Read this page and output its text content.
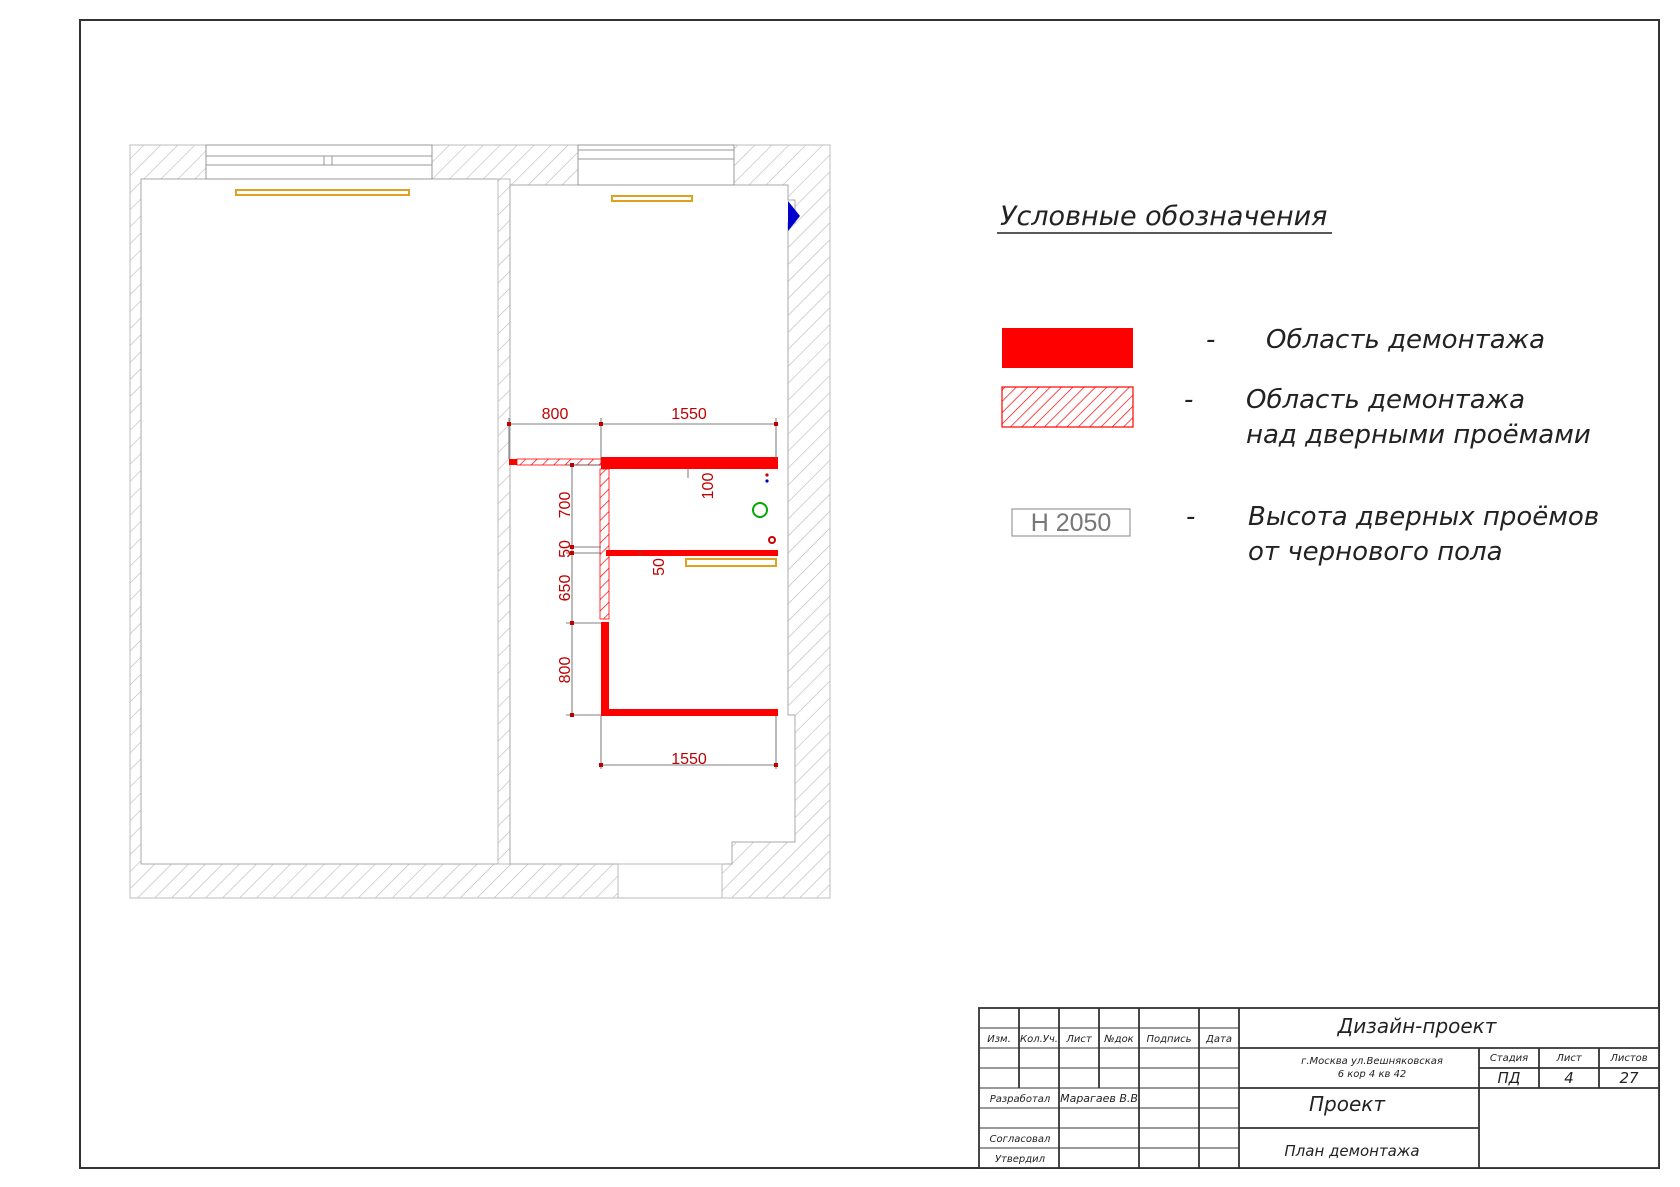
800	1550
1550
700
50
650
800
100
50
Условные обозначения
- Область демонтажа
- Область демонтажа
над дверными проёмами
H 2050	- Высота дверных проёмов
от чернового пола
Изм. Кол.Уч. Лист №док Подпись Дата
Разработал Марагаев В.В
Согласовал
Утвердил
Дизайн-проект
г.Москва ул.Вешняковская
6 кор 4 кв 42
Стадия	Лист	Листов
ПД	4	27
Проект
План демонтажа
